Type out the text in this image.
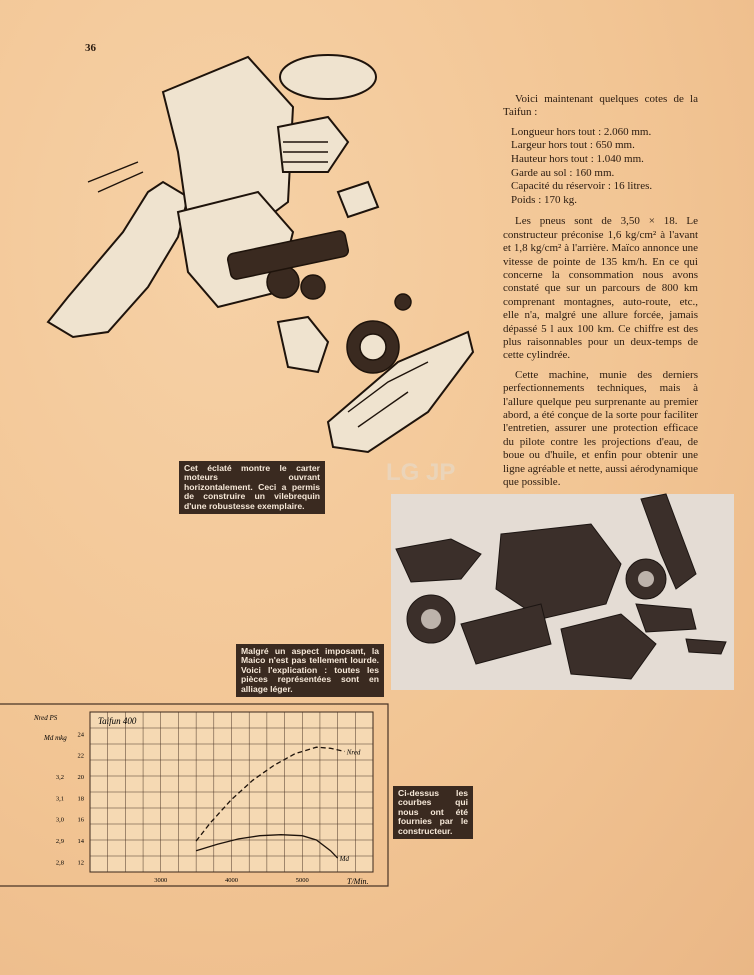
36
LG JP
Cet éclaté montre le carter moteurs ouvrant horizontalement. Ceci a permis de construire un vilebrequin d'une robustesse exemplaire.

Voici maintenant quelques cotes de la Taifun :

Longueur hors tout : 2.060 mm.
Largeur hors tout : 650 mm.
Hauteur hors tout : 1.040 mm.
Garde au sol : 160 mm.
Capacité du réservoir : 16 litres.
Poids : 170 kg.

Les pneus sont de 3,50 × 18. Le constructeur préconise 1,6 kg/cm² à l'avant et 1,8 kg/cm² à l'arrière. Maïco annonce une vitesse de pointe de 135 km/h. En ce qui concerne la consommation nous avons constaté que sur un parcours de 800 km comprenant montagnes, auto-route, etc., elle n'a, malgré une allure forcée, jamais dépassé 5 l aux 100 km. Ce chiffre est des plus raisonnables pour un deux-temps de cette cylindrée.

Cette machine, munie des derniers perfectionnements techniques, mais à l'allure quelque peu surprenante au premier abord, a été conçue de la sorte pour faciliter l'entretien, assurer une protection efficace du pilote contre les projections d'eau, de boue ou d'huile, et enfin pour obtenir une ligne agréable et nette, aussi aérodynamique que possible.

Malgré un aspect imposant, la Maico n'est pas tellement lourde. Voici l'explication : toutes les pièces représentées sont en alliage léger.
12
14
16
18
20
22
24
2,8
2,9
3,0
3,1
3,2
3000	4000	5000
Nred
Md
Taifun 400
T/Min.
Nred PS
Md mkg
Ci-dessus les courbes qui nous ont été fournies par le constructeur.
